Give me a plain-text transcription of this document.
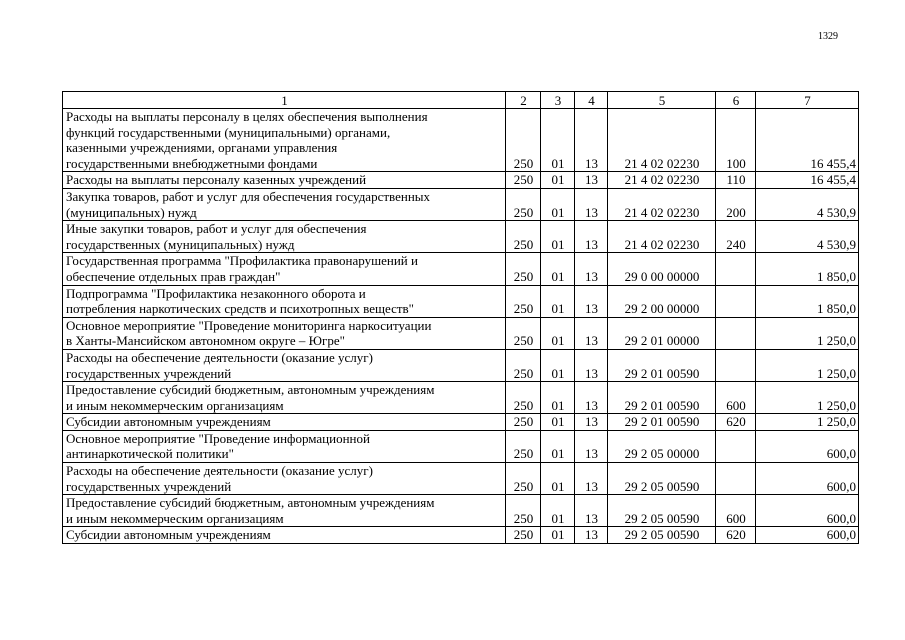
1329
1	2	3	4	5	6	7

Расходы на выплаты персоналу в целях обеспечения выполнения
функций государственными (муниципальными) органами,
казенными учреждениями, органами управления
государственными внебюджетными фондами	250	01	13	21 4 02 02230	100	16 455,4

Расходы на выплаты персоналу казенных учреждений	250	01	13	21 4 02 02230	110	16 455,4

Закупка товаров, работ и услуг для обеспечения государственных
(муниципальных) нужд	250	01	13	21 4 02 02230	200	4 530,9

Иные закупки товаров, работ и услуг для обеспечения
государственных (муниципальных) нужд	250	01	13	21 4 02 02230	240	4 530,9

Государственная программа "Профилактика правонарушений и
обеспечение отдельных прав граждан"	250	01	13	29 0 00 00000		1 850,0

Подпрограмма "Профилактика незаконного оборота и
потребления наркотических средств и психотропных веществ"	250	01	13	29 2 00 00000		1 850,0

Основное мероприятие "Проведение мониторинга наркоситуации
в Ханты-Мансийском автономном округе – Югре"	250	01	13	29 2 01 00000		1 250,0

Расходы на обеспечение деятельности (оказание услуг)
государственных учреждений	250	01	13	29 2 01 00590		1 250,0

Предоставление субсидий бюджетным, автономным учреждениям
и иным некоммерческим организациям	250	01	13	29 2 01 00590	600	1 250,0

Субсидии автономным учреждениям	250	01	13	29 2 01 00590	620	1 250,0

Основное мероприятие "Проведение информационной
антинаркотической политики"	250	01	13	29 2 05 00000		600,0

Расходы на обеспечение деятельности (оказание услуг)
государственных учреждений	250	01	13	29 2 05 00590		600,0

Предоставление субсидий бюджетным, автономным учреждениям
и иным некоммерческим организациям	250	01	13	29 2 05 00590	600	600,0

Субсидии автономным учреждениям	250	01	13	29 2 05 00590	620	600,0
